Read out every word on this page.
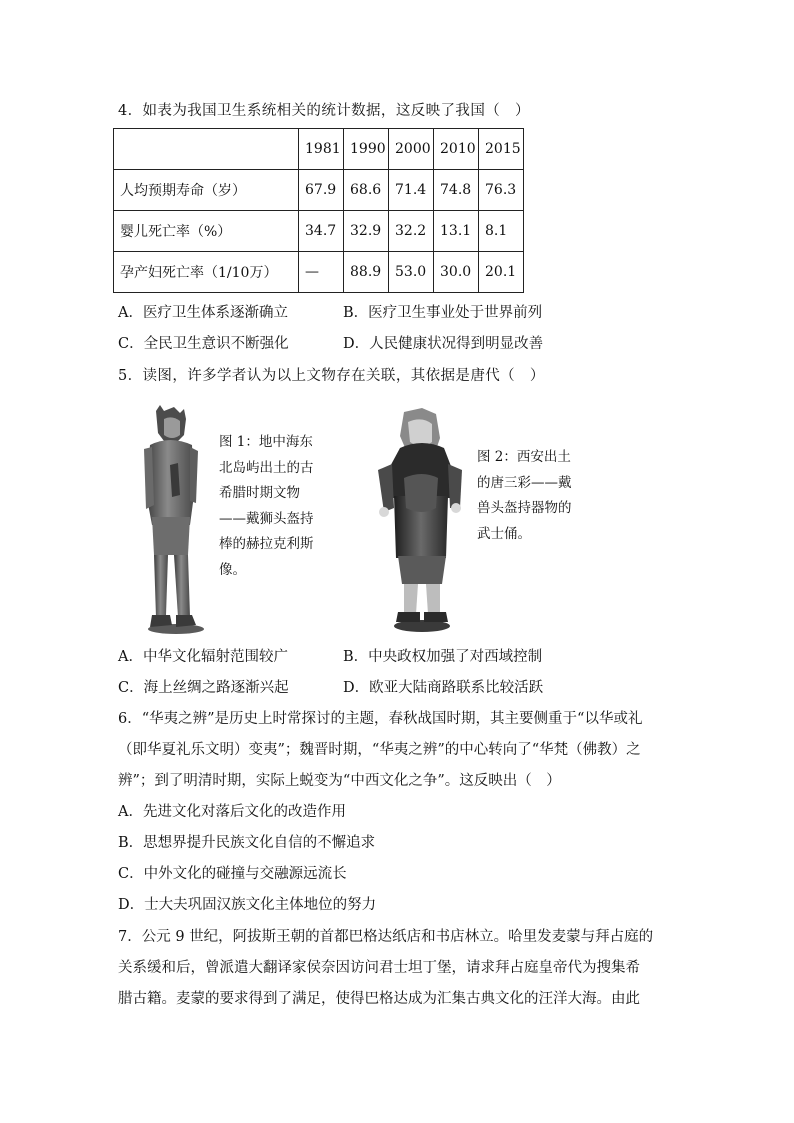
4．如表为我国卫生系统相关的统计数据，这反映了我国（　）
	1981	1990	2000	2010	2015
人均预期寿命（岁）	67.9	68.6	71.4	74.8	76.3
婴儿死亡率（%）	34.7	32.9	32.2	13.1	8.1
孕产妇死亡率（1/10万）	—	88.9	53.0	30.0	20.1
A．医疗卫生体系逐渐确立	B．医疗卫生事业处于世界前列
C．全民卫生意识不断强化	D．人民健康状况得到明显改善
5．读图，许多学者认为以上文物存在关联，其依据是唐代（　）
图 1：地中海东北岛屿出土的古希腊时期文物——戴狮头盔持棒的赫拉克利斯像。
图 2：西安出土的唐三彩——戴兽头盔持器物的武士俑。
A．中华文化辐射范围较广	B．中央政权加强了对西域控制
C．海上丝绸之路逐渐兴起	D．欧亚大陆商路联系比较活跃
6．“华夷之辨”是历史上时常探讨的主题，春秋战国时期，其主要侧重于“以华或礼
（即华夏礼乐文明）变夷”；魏晋时期，“华夷之辨”的中心转向了“华梵（佛教）之
辨”；到了明清时期，实际上蜕变为“中西文化之争”。这反映出（　）
A．先进文化对落后文化的改造作用
B．思想界提升民族文化自信的不懈追求
C．中外文化的碰撞与交融源远流长
D．士大夫巩固汉族文化主体地位的努力
7．公元 9 世纪，阿拔斯王朝的首都巴格达纸店和书店林立。哈里发麦蒙与拜占庭的
关系缓和后，曾派遣大翻译家侯奈因访问君士坦丁堡，请求拜占庭皇帝代为搜集希
腊古籍。麦蒙的要求得到了满足，使得巴格达成为汇集古典文化的汪洋大海。由此
